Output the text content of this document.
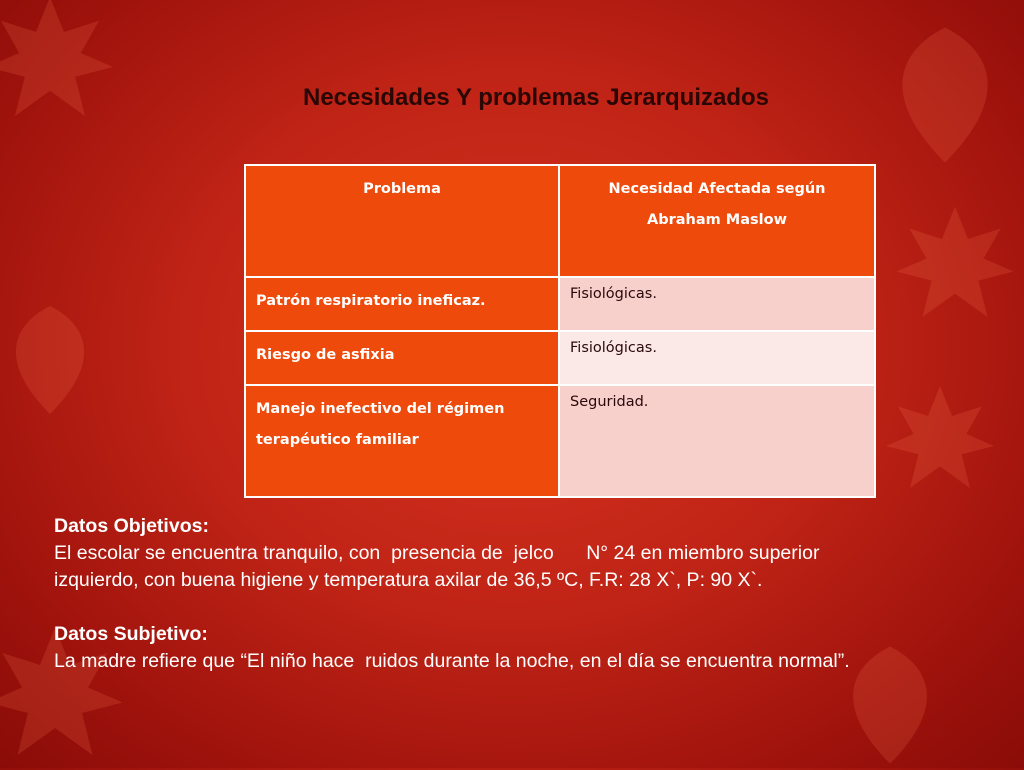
Necesidades Y problemas Jerarquizados
Problema	Necesidad Afectada según Abraham Maslow
Patrón respiratorio ineficaz.	Fisiológicas.
Riesgo de asfixia	Fisiológicas.
Manejo inefectivo del régimen terapéutico familiar	Seguridad.
Datos Objetivos:
El escolar se encuentra tranquilo, con  presencia de  jelco      N° 24 en miembro superior
izquierdo, con buena higiene y temperatura axilar de 36,5 ºC, F.R: 28 X`, P: 90 X`.
Datos Subjetivo:
La madre refiere que “El niño hace  ruidos durante la noche, en el día se encuentra normal”.
